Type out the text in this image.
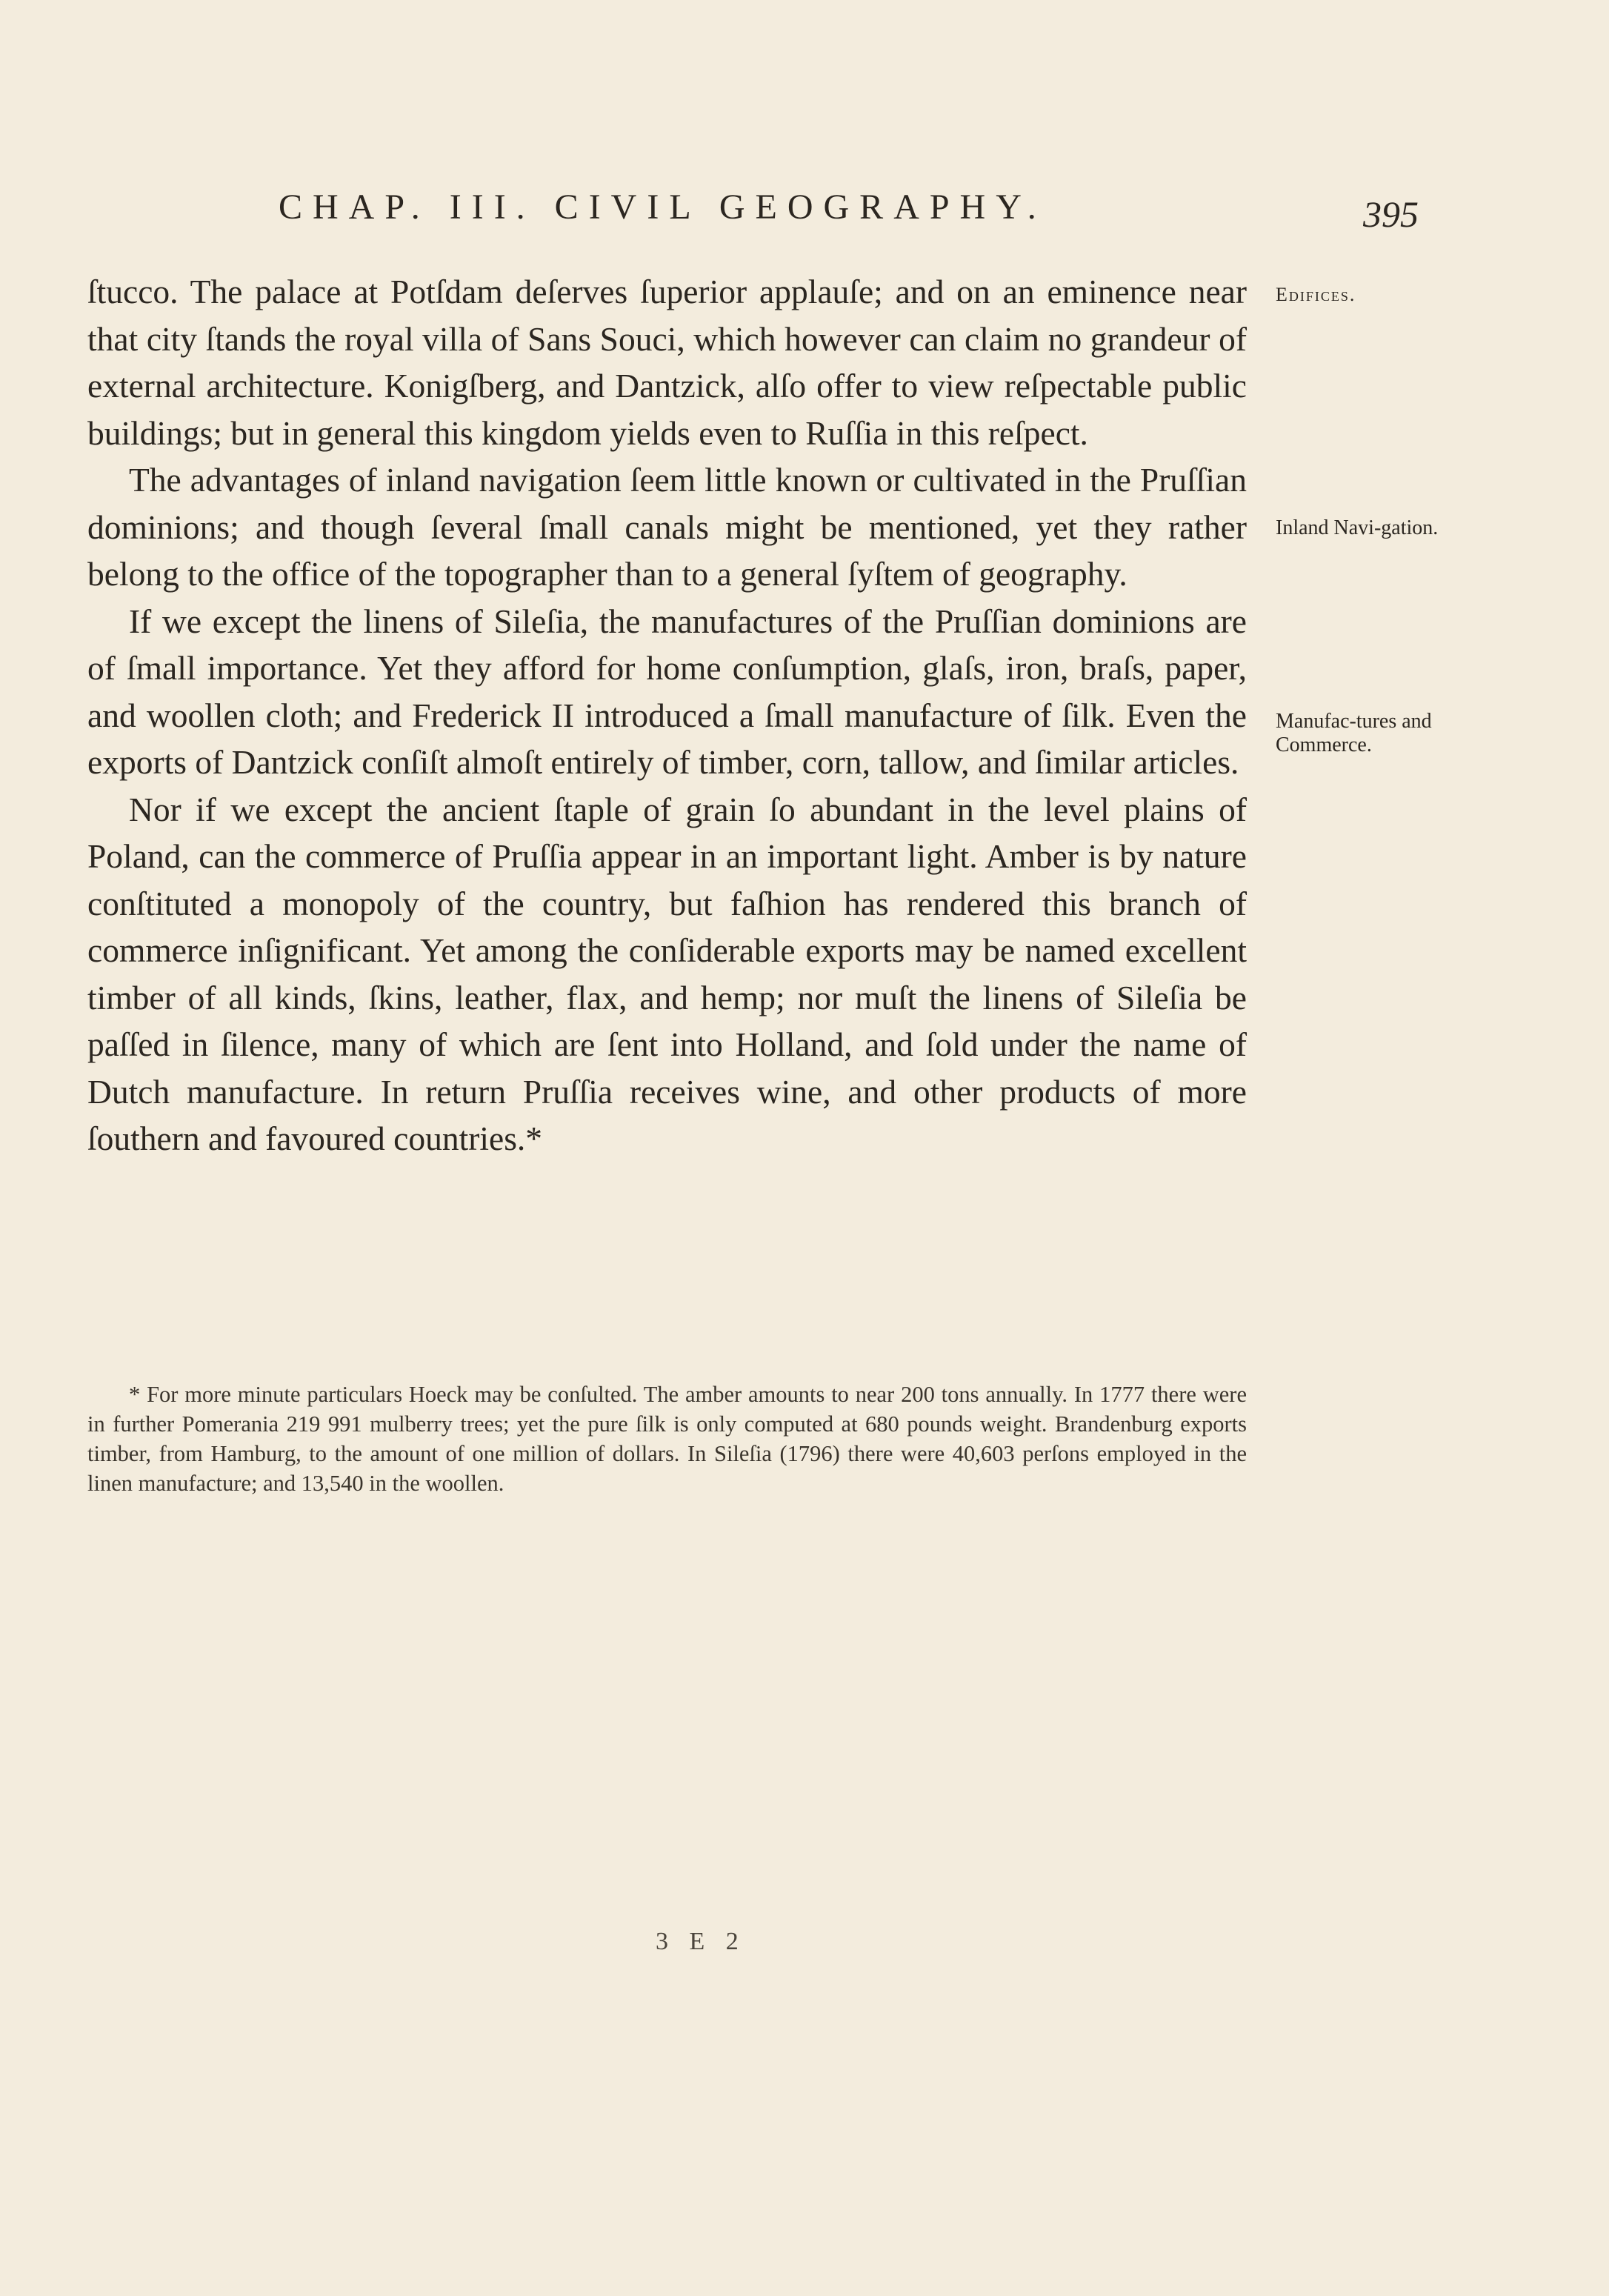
CHAP. III. CIVIL GEOGRAPHY.	395

ſtucco. The palace at Potſdam deſerves ſuperior applauſe; and on an eminence near that city ſtands the royal villa of Sans Souci, which however can claim no grandeur of external architecture. Konigſberg, and Dantzick, alſo offer to view reſpectable public buildings; but in general this kingdom yields even to Ruſſia in this reſpect.

The advantages of inland navigation ſeem little known or cultivated in the Pruſſian dominions; and though ſeveral ſmall canals might be mentioned, yet they rather belong to the office of the topographer than to a general ſyſtem of geography.

If we except the linens of Sileſia, the manufactures of the Pruſſian dominions are of ſmall importance. Yet they afford for home conſumption, glaſs, iron, braſs, paper, and woollen cloth; and Frederick II introduced a ſmall manufacture of ſilk. Even the exports of Dantzick conſiſt almoſt entirely of timber, corn, tallow, and ſimilar articles.

Nor if we except the ancient ſtaple of grain ſo abundant in the level plains of Poland, can the commerce of Pruſſia appear in an important light. Amber is by nature conſtituted a monopoly of the country, but faſhion has rendered this branch of commerce inſignificant. Yet among the conſiderable exports may be named excellent timber of all kinds, ſkins, leather, flax, and hemp; nor muſt the linens of Sileſia be paſſed in ſilence, many of which are ſent into Holland, and ſold under the name of Dutch manufacture. In return Pruſſia receives wine, and other products of more ſouthern and favoured countries.*

Edifices.
Inland Navi-gation.
Manufac-tures and Commerce.

* For more minute particulars Hoeck may be conſulted. The amber amounts to near 200 tons annually. In 1777 there were in further Pomerania 219 991 mulberry trees; yet the pure ſilk is only computed at 680 pounds weight. Brandenburg exports timber, from Hamburg, to the amount of one million of dollars. In Sileſia (1796) there were 40,603 perſons employed in the linen manufacture; and 13,540 in the woollen.

3 E 2
